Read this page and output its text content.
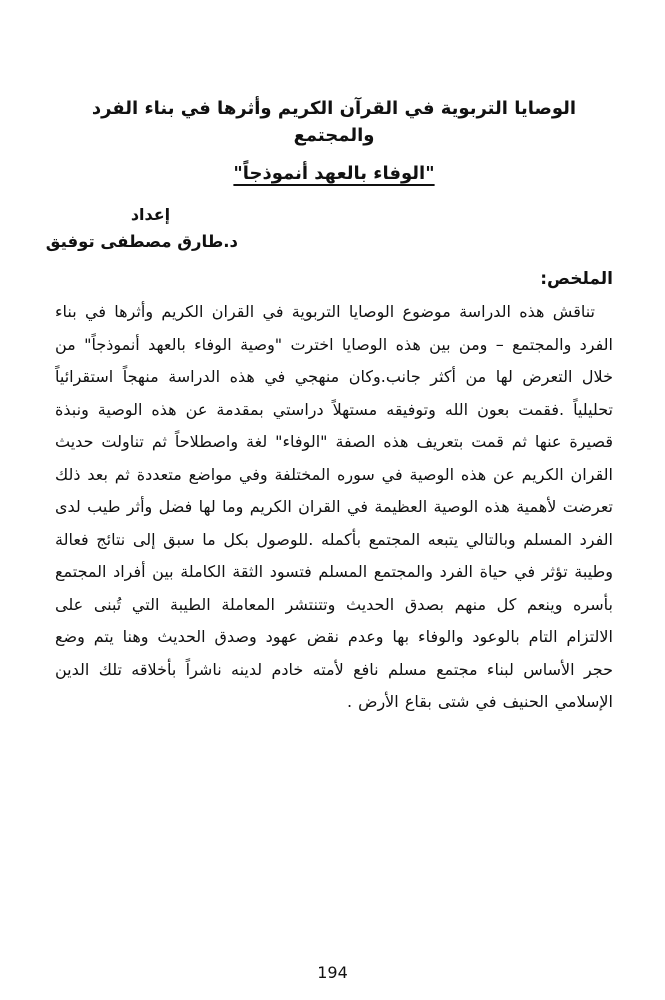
الوصايا التربوية في القرآن الكريم وأثرها في بناء الفرد والمجتمع
"الوفاء بالعهد أنموذجاً"
إعداد
د.طارق مصطفى توفيق
الملخص:

تناقش هذه الدراسة موضوع الوصايا التربوية في القران الكريم وأثرها في بناء الفرد والمجتمع – ومن بين هذه الوصايا اخترت "وصية الوفاء بالعهد أنموذجاً" من خلال التعرض لها من أكثر جانب.وكان منهجي في هذه الدراسة منهجاً استقرائياً تحليلياً .فقمت بعون الله وتوفيقه مستهلاً دراستي بمقدمة عن هذه الوصية ونبذة قصيرة عنها ثم قمت بتعريف هذه الصفة "الوفاء" لغة واصطلاحاً ثم تناولت حديث القران الكريم عن هذه الوصية في سوره المختلفة وفي مواضع متعددة ثم بعد ذلك تعرضت لأهمية هذه الوصية العظيمة في القران الكريم وما لها فضل وأثر طيب لدى الفرد المسلم وبالتالي يتبعه المجتمع بأكمله .للوصول بكل ما سبق إلى نتائج فعالة وطيبة تؤثر في حياة الفرد والمجتمع المسلم فتسود الثقة الكاملة بين أفراد المجتمع بأسره وينعم كل منهم بصدق الحديث وتتنتشر المعاملة الطيبة التي تُبنى على الالتزام التام بالوعود والوفاء بها وعدم نقض عهود وصدق الحديث وهنا يتم وضع حجر الأساس لبناء مجتمع مسلم نافع لأمته خادم لدينه ناشراً بأخلاقه تلك الدين الإسلامي الحنيف في شتى بقاع الأرض .

194
